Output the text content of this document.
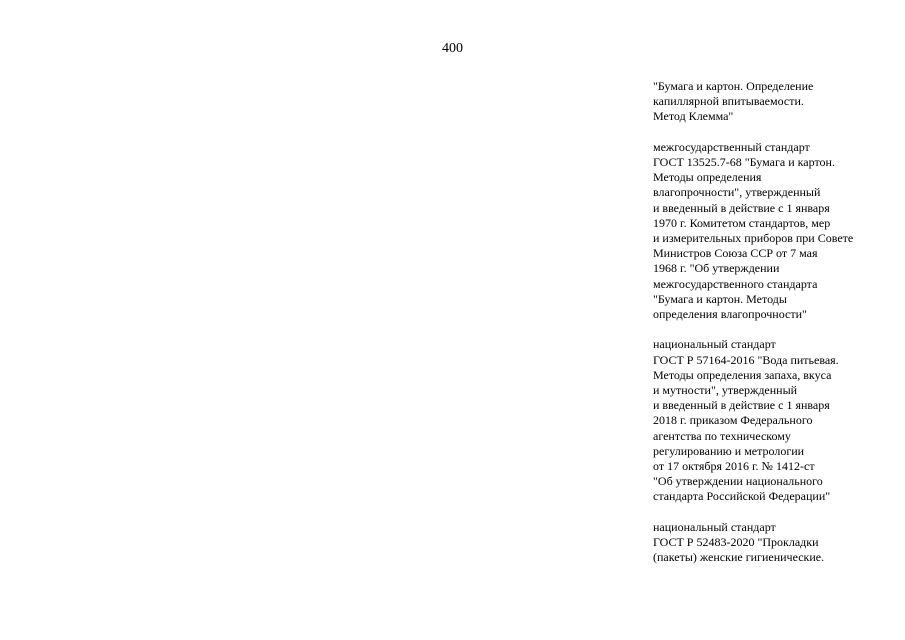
400
"Бумага и картон. Определение
капиллярной впитываемости.
Метод Клемма"
межгосударственный стандарт
ГОСТ 13525.7-68 "Бумага и картон.
Методы определения
влагопрочности", утвержденный
и введенный в действие с 1 января
1970 г. Комитетом стандартов, мер
и измерительных приборов при Совете
Министров Союза ССР от 7 мая
1968 г. "Об утверждении
межгосударственного стандарта
"Бумага и картон. Методы
определения влагопрочности"
национальный стандарт
ГОСТ Р 57164-2016 "Вода питьевая.
Методы определения запаха, вкуса
и мутности", утвержденный
и введенный в действие с 1 января
2018 г. приказом Федерального
агентства по техническому
регулированию и метрологии
от 17 октября 2016 г. № 1412-ст
"Об утверждении национального
стандарта Российской Федерации"
национальный стандарт
ГОСТ Р 52483-2020 "Прокладки
(пакеты) женские гигиенические.
